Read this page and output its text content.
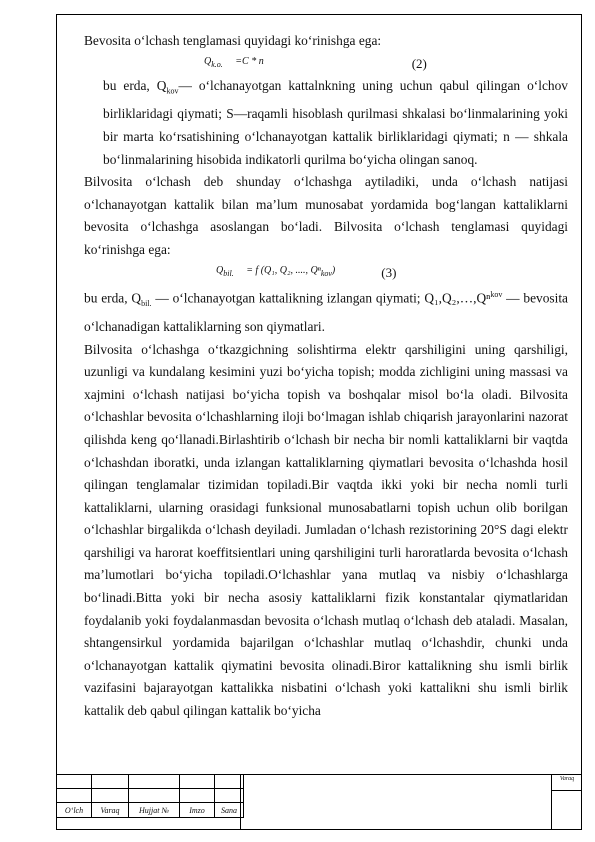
Bevosita o‘lchash tenglamasi quyidagi ko‘rinishga ega:

$Q_{k.o.} =C * n$	(2)

bu erda, $Q_{kov}—$ o‘lchanayotgan kattalnkning uning uchun qabul qilingan o‘lchov birliklaridagi qiymati; S—raqamli hisoblash qurilmasi shkalasi bo‘linmalarining yoki bir marta ko‘rsatishining o‘lchanayotgan kattalik birliklaridagi qiymati; n — shkala bo‘linmalarining hisobida indikatorli qurilma bo‘yicha olingan sanoq.

Bilvosita o‘lchash deb shunday o‘lchashga aytiladiki, unda o‘lchash natijasi o‘lchanayotgan kattalik bilan ma’lum munosabat yordamida bog‘langan kattaliklarni bevosita o‘lchashga asoslangan bo‘ladi. Bilvosita o‘lchash tenglamasi quyidagi ko‘rinishga ega:

$Q_{bil.} = f$ (Q₁, Q₂, ...., Qⁿ$_{kov}$)	(3)

bu erda, $Q_{bil.}$ — o‘lchanayotgan kattalikning izlangan qiymati; Q₁,Q₂,…,Qⁿ$^{kov}$ — bevosita o‘lchanadigan kattaliklarning son qiymatlari.

Bilvosita o‘lchashga o‘tkazgichning solishtirma elektr qarshiligini uning qarshiligi, uzunligi va kundalang kesimini yuzi bo‘yicha topish; modda zichligini uning massasi va xajmini o‘lchash natijasi bo‘yicha topish va boshqalar misol bo‘la oladi. Bilvosita o‘lchashlar bevosita o‘lchashlarning iloji bo‘lmagan ishlab chiqarish jarayonlarini nazorat qilishda keng qo‘llanadi.Birlashtirib o‘lchash bir necha bir nomli kattaliklarni bir vaqtda o‘lchashdan iboratki, unda izlangan kattaliklarning qiymatlari bevosita o‘lchashda hosil qilingan tenglamalar tizimidan topiladi.Bir vaqtda ikki yoki bir necha nomli turli kattaliklarni, ularning orasidagi funksional munosabatlarni topish uchun olib borilgan o‘lchashlar birgalikda o‘lchash deyiladi. Jumladan o‘lchash rezistorining 20°S dagi elektr qarshiligi va harorat koeffitsientlari uning qarshiligini turli haroratlarda bevosita o‘lchash ma’lumotlari bo‘yicha topiladi.O‘lchashlar yana mutlaq va nisbiy o‘lchashlarga bo‘linadi.Bitta yoki bir necha asosiy kattaliklarni fizik konstantalar qiymatlaridan foydalanib yoki foydalanmasdan bevosita o‘lchash mutlaq o‘lchash deb ataladi. Masalan, shtangensirkul yordamida bajarilgan o‘lchashlar mutlaq o‘lchashdir, chunki unda o‘lchanayotgan kattalik qiymatini bevosita olinadi.Biror kattalikning shu ismli birlik vazifasini bajarayotgan kattalikka nisbatini o‘lchash yoki kattalikni shu ismli birlik kattalik deb qabul qilingan kattalik bo‘yicha

O‘lch	Varaq	Hujjat №	Imzo	Sana
Varaq
